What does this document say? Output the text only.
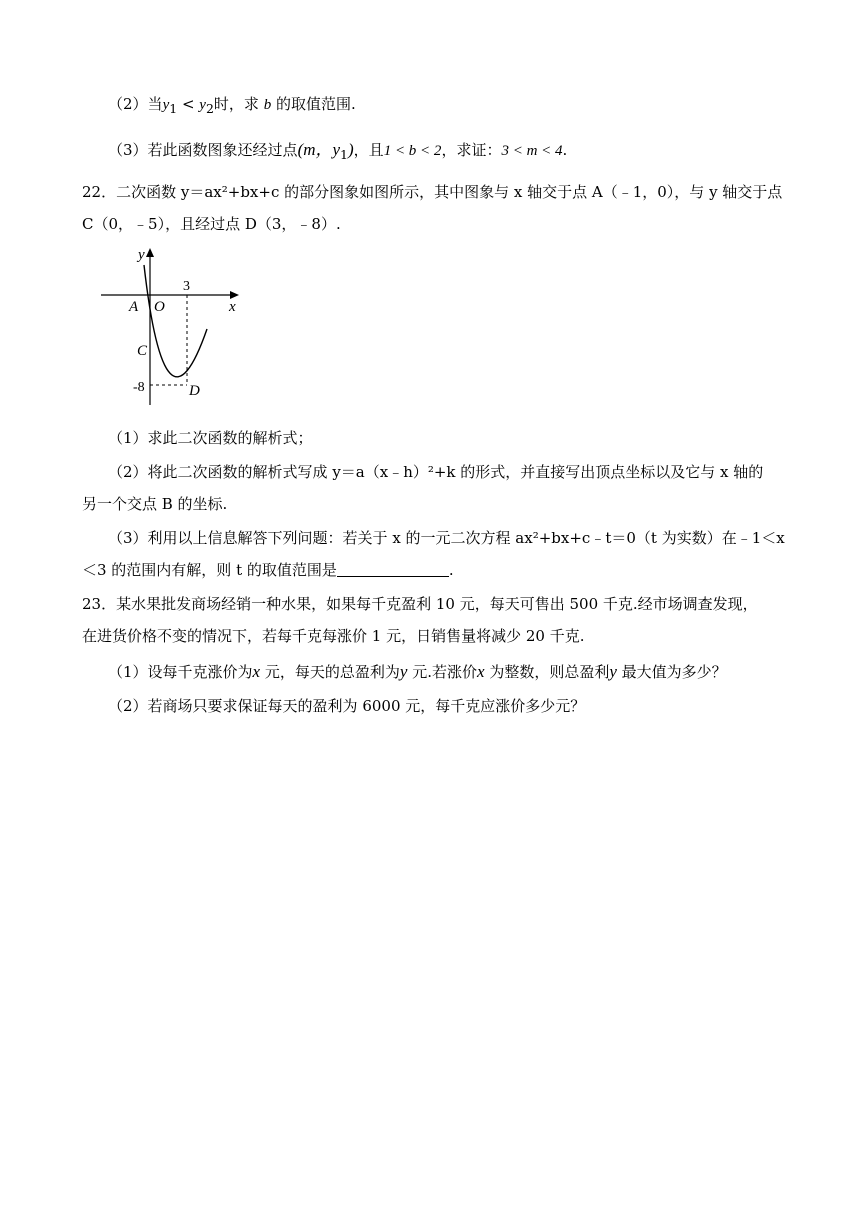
（2）当$y_1 < y_2$时，求 b 的取值范围.
（3）若此函数图象还经过点(m，$y_1$)，且1 < b < 2，求证：3 < m < 4.
22．二次函数 y＝ax²+bx+c 的部分图象如图所示，其中图象与 x 轴交于点 A（﹣1，0），与 y 轴交于点
C（0，﹣5），且经过点 D（3，﹣8）.
y
x
A O
C
D
3
-8
（1）求此二次函数的解析式；
（2）将此二次函数的解析式写成 y＝a（x﹣h）²+k 的形式，并直接写出顶点坐标以及它与 x 轴的
另一个交点 B 的坐标.
（3）利用以上信息解答下列问题：若关于 x 的一元二次方程 ax²+bx+c﹣t＝0（t 为实数）在﹣1＜x
＜3 的范围内有解，则 t 的取值范围是	.
23．某水果批发商场经销一种水果，如果每千克盈利 10 元，每天可售出 500 千克.经市场调查发现，
在进货价格不变的情况下，若每千克每涨价 1 元，日销售量将减少 20 千克.
（1）设每千克涨价为x 元，每天的总盈利为y 元.若涨价x 为整数，则总盈利y 最大值为多少？
（2）若商场只要求保证每天的盈利为 6000 元，每千克应涨价多少元？
